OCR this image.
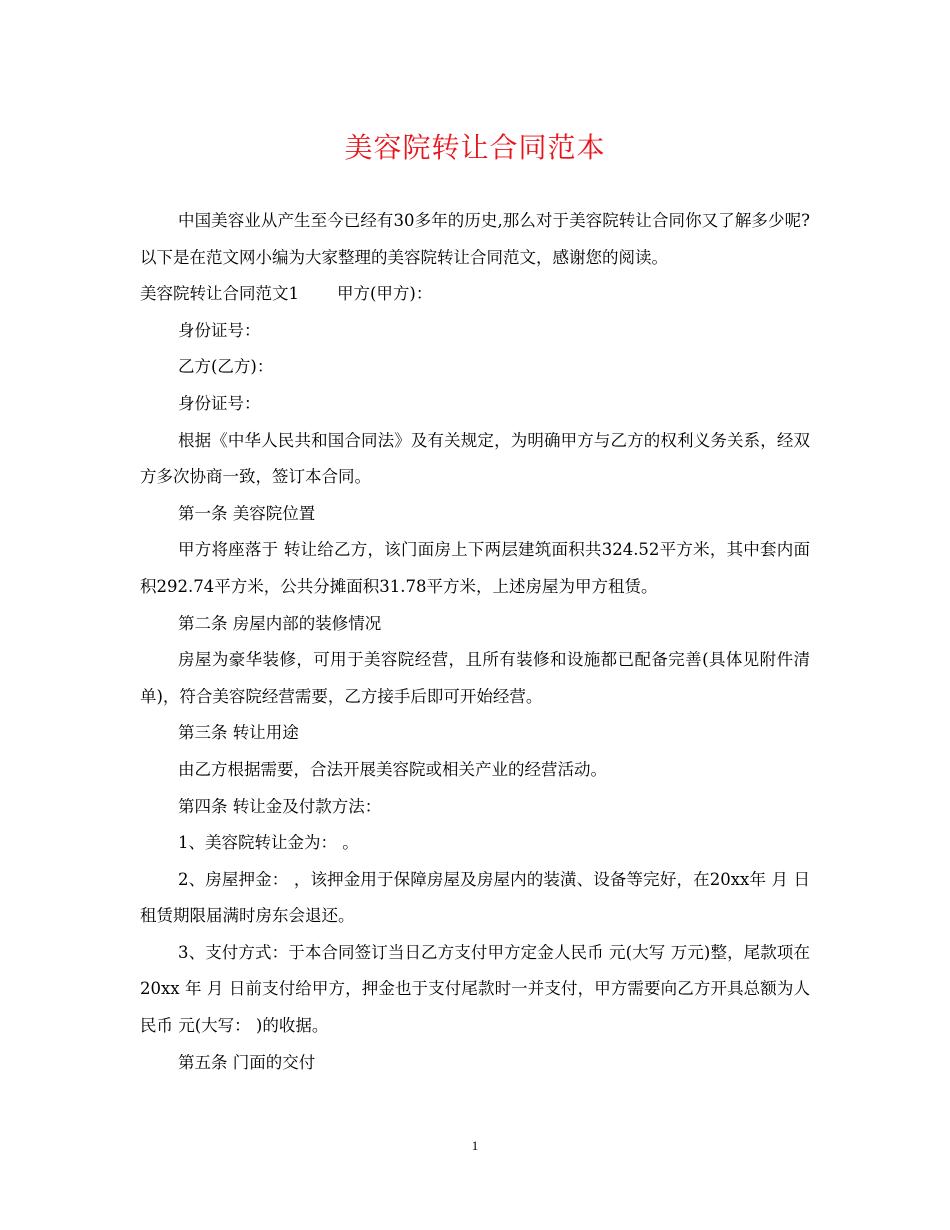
美容院转让合同范本

中国美容业从产生至今已经有30多年的历史,那么对于美容院转让合同你又了解多少呢?以下是在范文网小编为大家整理的美容院转让合同范文，感谢您的阅读。

美容院转让合同范文1 甲方(甲方)：

身份证号：

乙方(乙方)：

身份证号：

根据《中华人民共和国合同法》及有关规定，为明确甲方与乙方的权利义务关系，经双方多次协商一致，签订本合同。

第一条 美容院位置

甲方将座落于 转让给乙方，该门面房上下两层建筑面积共324.52平方米，其中套内面积292.74平方米，公共分摊面积31.78平方米，上述房屋为甲方租赁。

第二条 房屋内部的装修情况

房屋为豪华装修，可用于美容院经营，且所有装修和设施都已配备完善(具体见附件清单)，符合美容院经营需要，乙方接手后即可开始经营。

第三条 转让用途

由乙方根据需要，合法开展美容院或相关产业的经营活动。

第四条 转让金及付款方法：

1、美容院转让金为： 。

2、房屋押金： ，该押金用于保障房屋及房屋内的装潢、设备等完好，在20xx年 月 日租赁期限届满时房东会退还。

3、支付方式：于本合同签订当日乙方支付甲方定金人民币 元(大写 万元)整，尾款项在20xx 年 月 日前支付给甲方，押金也于支付尾款时一并支付，甲方需要向乙方开具总额为人民币 元(大写： )的收据。

第五条 门面的交付

1
